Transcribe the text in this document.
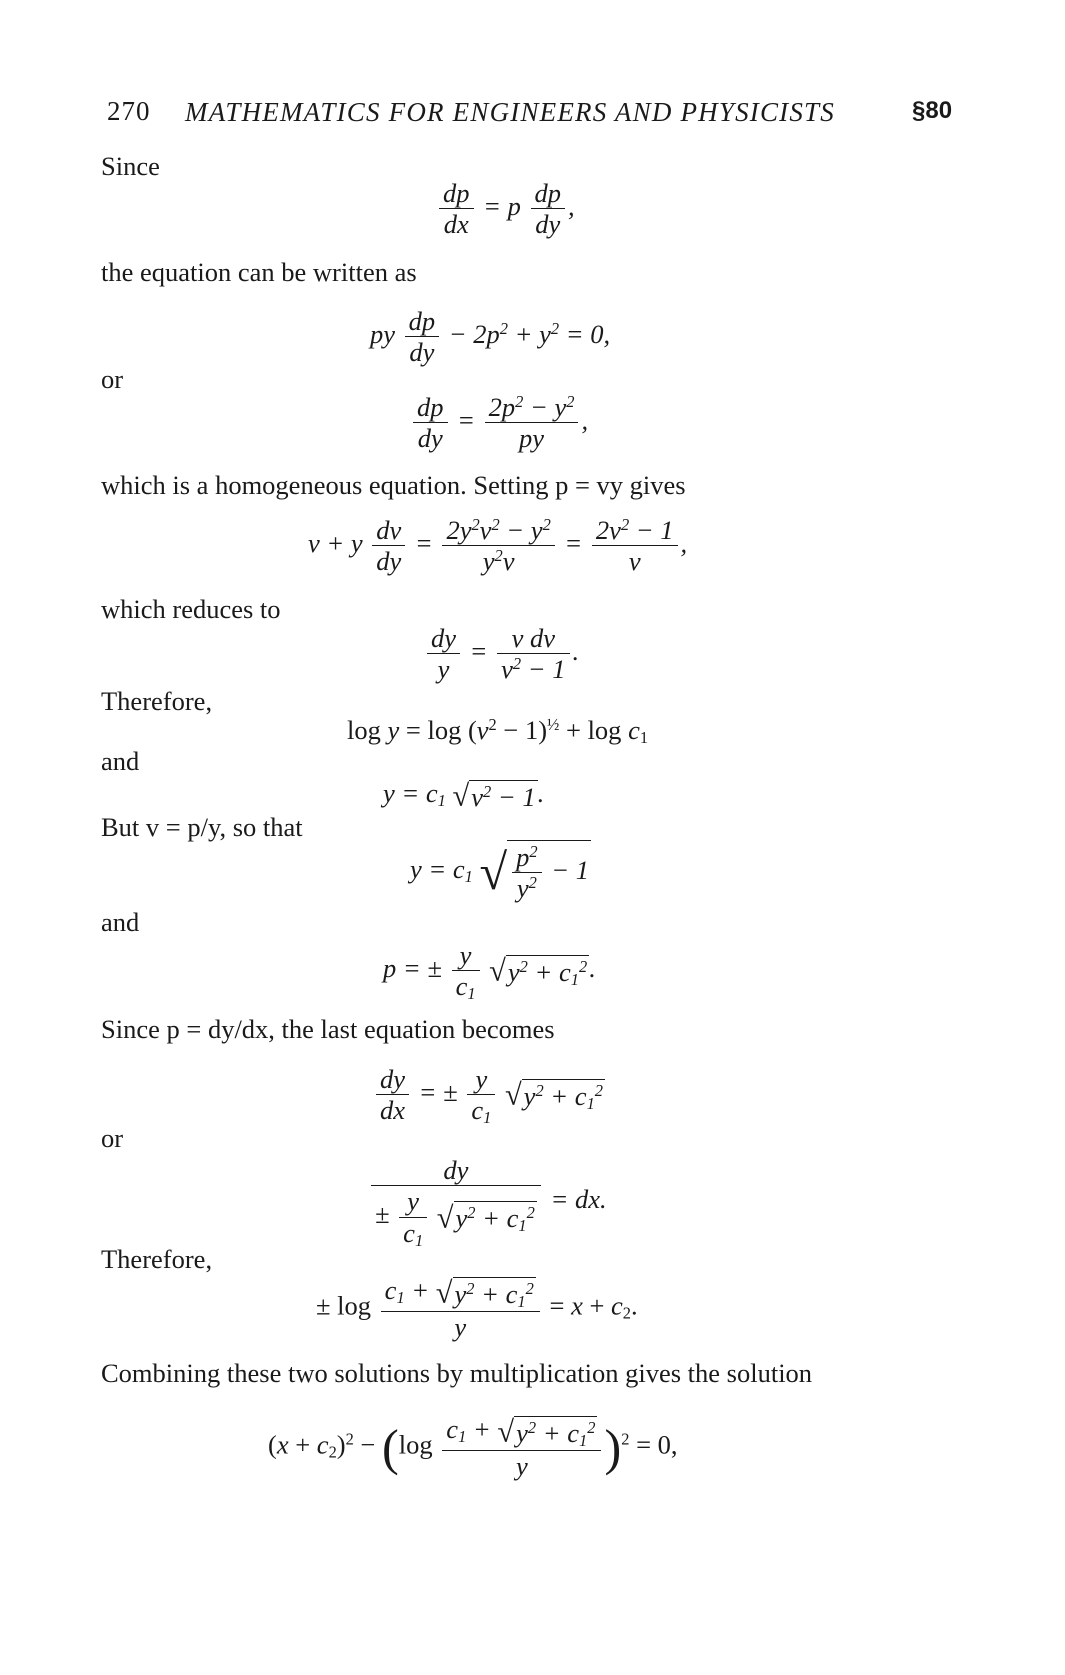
270 MATHEMATICS FOR ENGINEERS AND PHYSICISTS	§80
Since
the equation can be written as
or
which is a homogeneous equation. Setting p = vy gives
which reduces to
Therefore,
and
But v = p/y, so that
and
Since p = dy/dx, the last equation becomes
or
Therefore,
Combining these two solutions by multiplication gives the solution
$\frac{dp}{dx} = p \frac{dp}{dy}$ ,
py $\frac{dp}{dy} - 2p^2 + y^2 = 0$,
$\frac{dp}{dy} = \frac{2p^2 - y^2}{py}$ ,
v + y $\frac{dv}{dy} = \frac{2y^2v^2 - y^2}{y^2v} = \frac{2v^2 - 1}{v}$ ,
$\frac{dy}{y} = \frac{\text{v dv}}{v^2 - 1}$ .
$\log y = \log (v^2 - 1)^{\frac{1}{2}} + \log c_1$
$y = c_1$ $√v^2 - 1$.
$y = c_1$ √ $\frac{p^2}{y^2} - 1$
p = ± $\frac{y}{c_1} √y^2 + c_1^2$.
$\frac{dy}{dx}$ = ± $\frac{y}{c_1} √y^2 + c_1^2$
$\frac{dy}{\pm \frac{y}{c_1} √y^2 + c_1^2}$ = dx.
± $\log \frac{c_1 + √y^2 + c_1^2}{y} = x + c_2$.
$(x + c_2)^2 - (\log \frac{c_1 + √y^2 + c_1^2}{y} )^2 = 0$,
